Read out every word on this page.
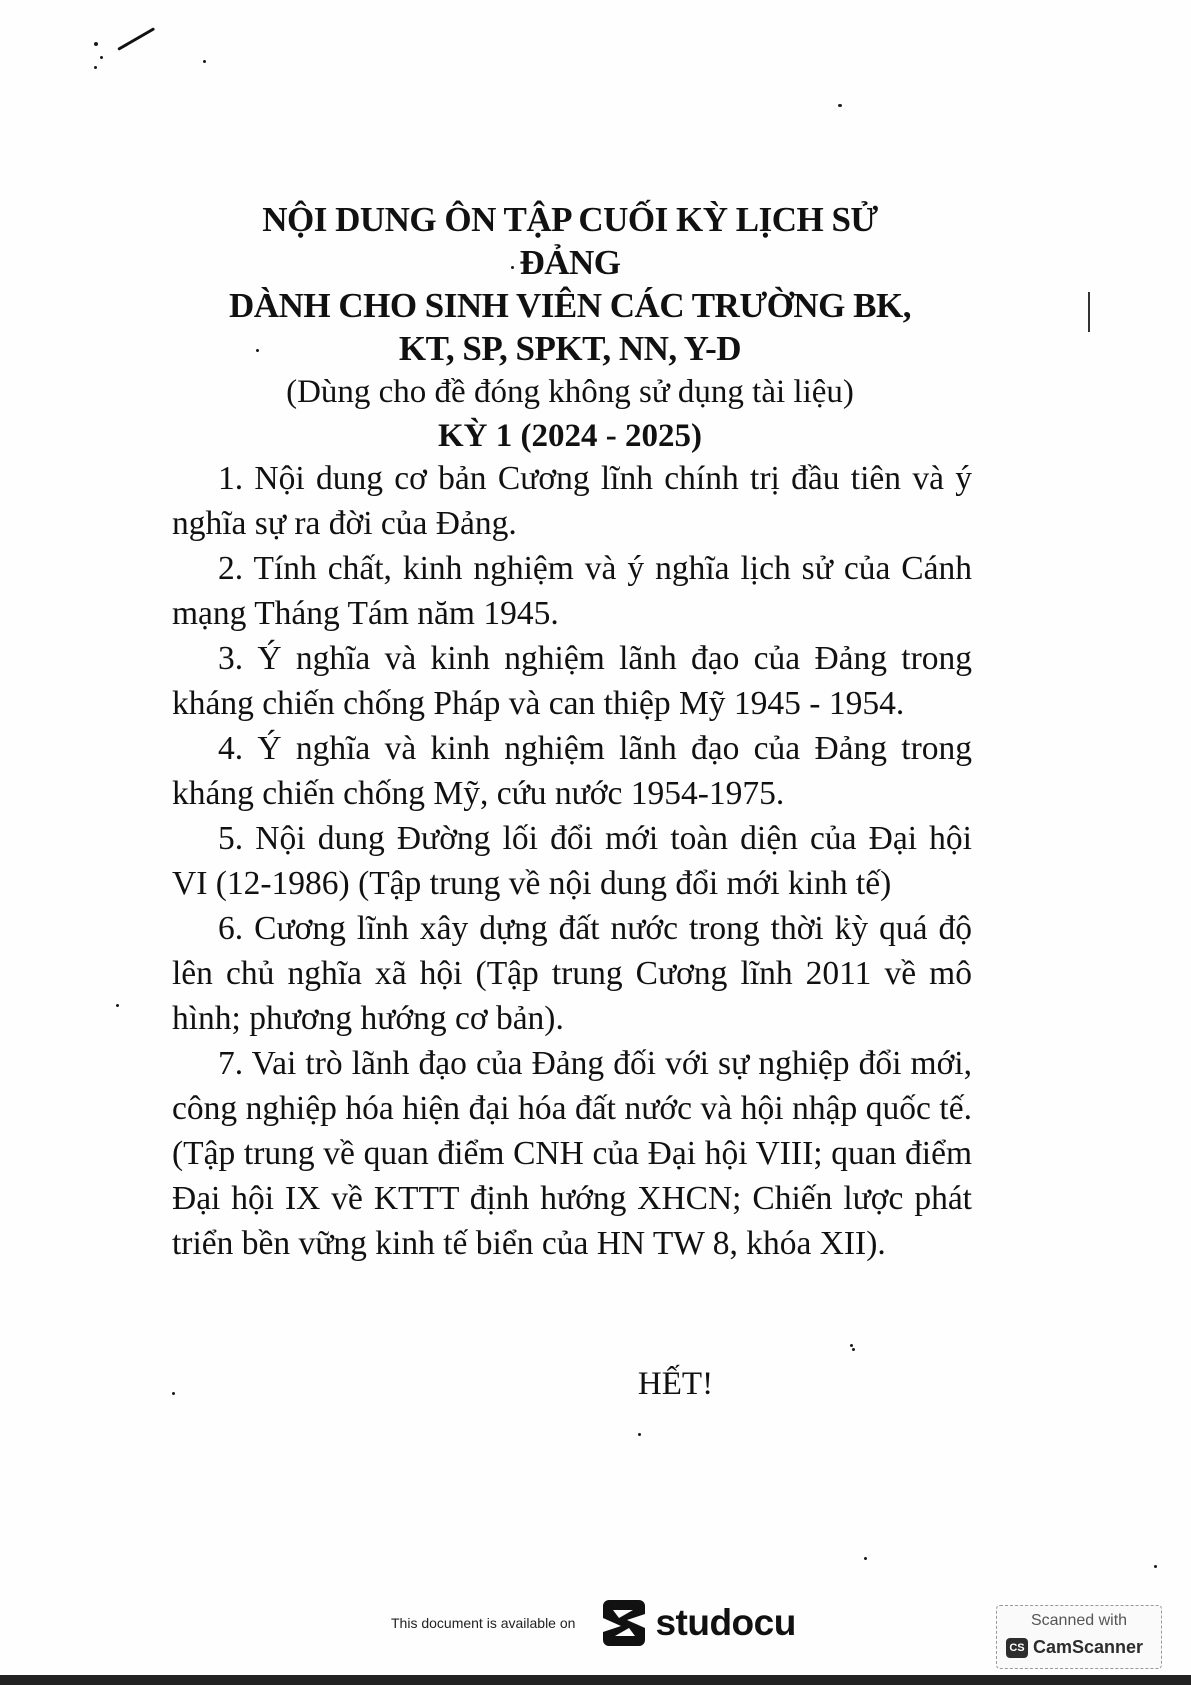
NỘI DUNG ÔN TẬP CUỐI KỲ LỊCH SỬ
ĐẢNG
DÀNH CHO SINH VIÊN CÁC TRƯỜNG BK,
KT, SP, SPKT, NN, Y-D
(Dùng cho đề đóng không sử dụng tài liệu)
KỲ 1 (2024 - 2025)

1. Nội dung cơ bản Cương lĩnh chính trị đầu tiên và ý nghĩa sự ra đời của Đảng.

2. Tính chất, kinh nghiệm và ý nghĩa lịch sử của Cánh mạng Tháng Tám năm 1945.

3. Ý nghĩa và kinh nghiệm lãnh đạo của Đảng trong kháng chiến chống Pháp và can thiệp Mỹ 1945 - 1954.

4. Ý nghĩa và kinh nghiệm lãnh đạo của Đảng trong kháng chiến chống Mỹ, cứu nước 1954-1975.

5. Nội dung Đường lối đổi mới toàn diện của Đại hội VI (12-1986) (Tập trung về nội dung đổi mới kinh tế)

6. Cương lĩnh xây dựng đất nước trong thời kỳ quá độ lên chủ nghĩa xã hội (Tập trung Cương lĩnh 2011 về mô hình; phương hướng cơ bản).

7. Vai trò lãnh đạo của Đảng đối với sự nghiệp đổi mới, công nghiệp hóa hiện đại hóa đất nước và hội nhập quốc tế. (Tập trung về quan điểm CNH của Đại hội VIII; quan điểm Đại hội IX về KTTT định hướng XHCN; Chiến lược phát triển bền vững kinh tế biển của HN TW 8, khóa XII).

HẾT!
This document is available on studocu	Scanned with
CS CamScanner
